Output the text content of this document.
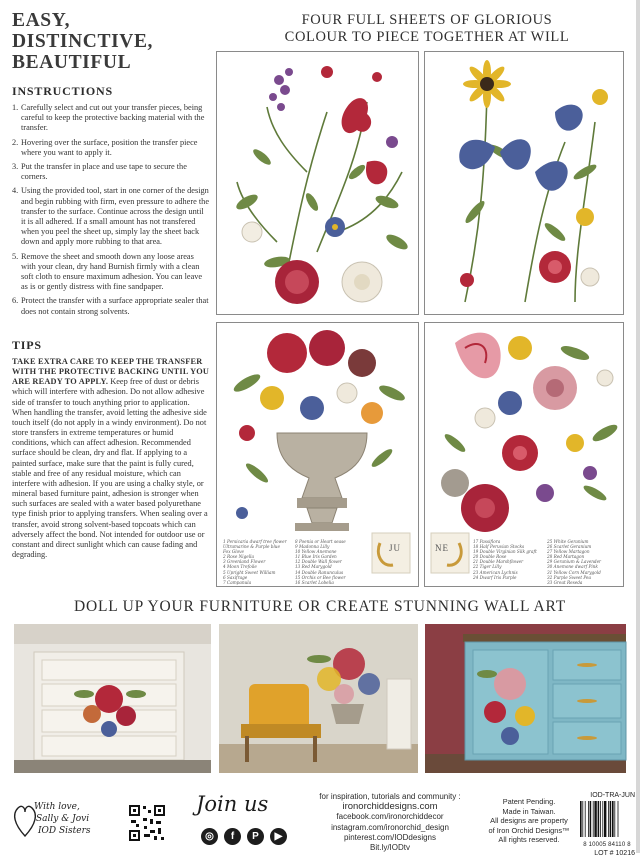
EASY,
DISTINCTIVE,
BEAUTIFUL
INSTRUCTIONS
1. Carefully select and cut out your transfer pieces, being careful to keep the protective backing material with the transfer.
2. Hovering over the surface, position the transfer piece where you want to apply it.
3. Put the transfer in place and use tape to secure the corners.
4. Using the provided tool, start in one corner of the design and begin rubbing with firm, even pressure to adhere the transfer to the surface. Continue across the design until it is all adhered. If a small amount has not transfered when you peel the sheet up, simply lay the sheet back down and apply more rubbing to that area.
5. Remove the sheet and smooth down any loose areas with your clean, dry hand Burnish firmly with a clean soft cloth to ensure maximum adhesion. You can leave as is or gently distress with fine sandpaper.
6. Protect the transfer with a surface appropriate sealer that does not contain strong solvents.
TIPS

TAKE EXTRA CARE TO KEEP THE TRANSFER WITH THE PROTECTIVE BACKING UNTIL YOU ARE READY TO APPLY. Keep free of dust or debris which will interfere with adhesion. Do not allow adhesive side of transfer to touch anything prior to application. When handling the transfer, avoid letting the adhesive side touch itself (do not apply in a windy environment). Do not store transfers in extreme temperatures or humid conditions, which can affect adhesion. Recommended surface should be clean, dry and flat. If applying to a painted surface, make sure that the paint is fully cured, stable and free of any residual moisture, which can interfere with adhesion. If you are using a chalky style, or mineral based furniture paint, adhesion is stronger when such surfaces are sealed with a water based polyurethane type finish prior to applying transfers. When sealing over a transfer, avoid strong solvent-based topcoats which can adversely affect the bond. Not intended for outdoor use or constant and direct sunlight which can cause fading and degrading.

FOUR FULL SHEETS OF GLORIOUS
COLOUR TO PIECE TOGETHER AT WILL
1 Persicaria dwarf tree flower
Ultramarine & Purple blue
Fox Glove
2 Rose Nigella
3 Greenland Flower
4 Moon Trefoile
5 Upright Sweet William
6 Saxifrage
7 Campanula
8 Poenia or Heart sease
9 Madonna Lilly
10 Yellow Anemone
11 Blue Iris Garden
12 Double Wall flower
13 Red Marygold
14 Double Ranunculus
15 Orchis or Bee flower
16 Scarlet Lobelia
JU
17 Passiflora
18 Half Peruvian Stocks
19 Double Virginian Silk graft
20 Double Rose
21 Double Marshflower
22 Tiger Lilly
23 American Lychnis
24 Dwarf Iris Purple
25 White Geranium
26 Scarlet Geranium
27 Yellow Martagon
28 Red Martagon
29 Geranium & Lavender
30 Anemone dwarf Pink
31 Yellow Corn Marygold
32 Purple Sweet Pea
33 Great Reseda
NE
DOLL UP YOUR FURNITURE OR CREATE STUNNING WALL ART
With love,
Sally & Jovi
IOD Sisters
Join us
◎	f	P	▶
for inspiration, tutorials and community :
ironorchiddesigns.com
facebook.com/ironorchiddecor
instagram.com/ironorchid_design
pinterest.com/IODdesigns
Bit.ly/IODtv
Patent Pending.
Made in Taiwan.
All designs are property
of Iron Orchid Designs™
All rights reserved.
IOD-TRA-JUN
8 10005 84110 8
LOT # 10216
